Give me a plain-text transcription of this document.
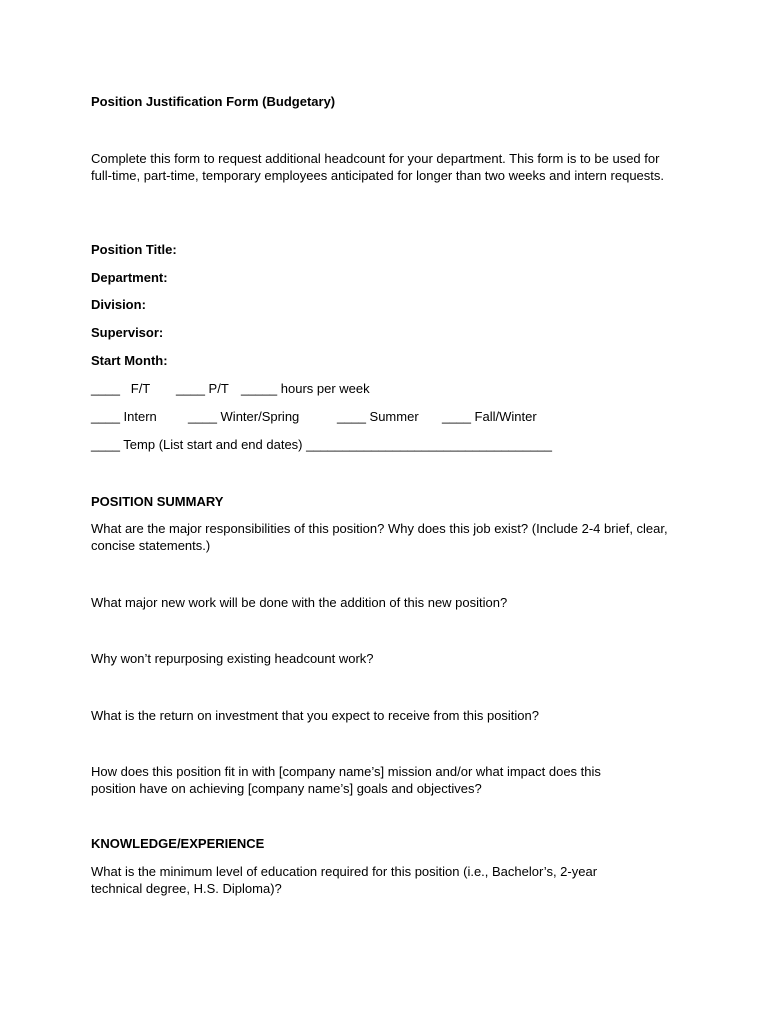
Position Justification Form (Budgetary)
Complete this form to request additional headcount for your department. This form is to be used for full-time, part-time, temporary employees anticipated for longer than two weeks and intern requests.
Position Title:
Department:
Division:
Supervisor:
Start Month:
____   F/T ____ P/T _____ hours per week
____ Intern ____ Winter/Spring	____ Summer ____ Fall/Winter
____ Temp (List start and end dates) __________________________________
POSITION SUMMARY
What are the major responsibilities of this position? Why does this job exist? (Include 2-4 brief, clear, concise statements.)
What major new work will be done with the addition of this new position?
Why won’t repurposing existing headcount work?
What is the return on investment that you expect to receive from this position?
How does this position fit in with [company name’s] mission and/or what impact does this position have on achieving [company name’s] goals and objectives?
KNOWLEDGE/EXPERIENCE
What is the minimum level of education required for this position (i.e., Bachelor’s, 2-year technical degree, H.S. Diploma)?
